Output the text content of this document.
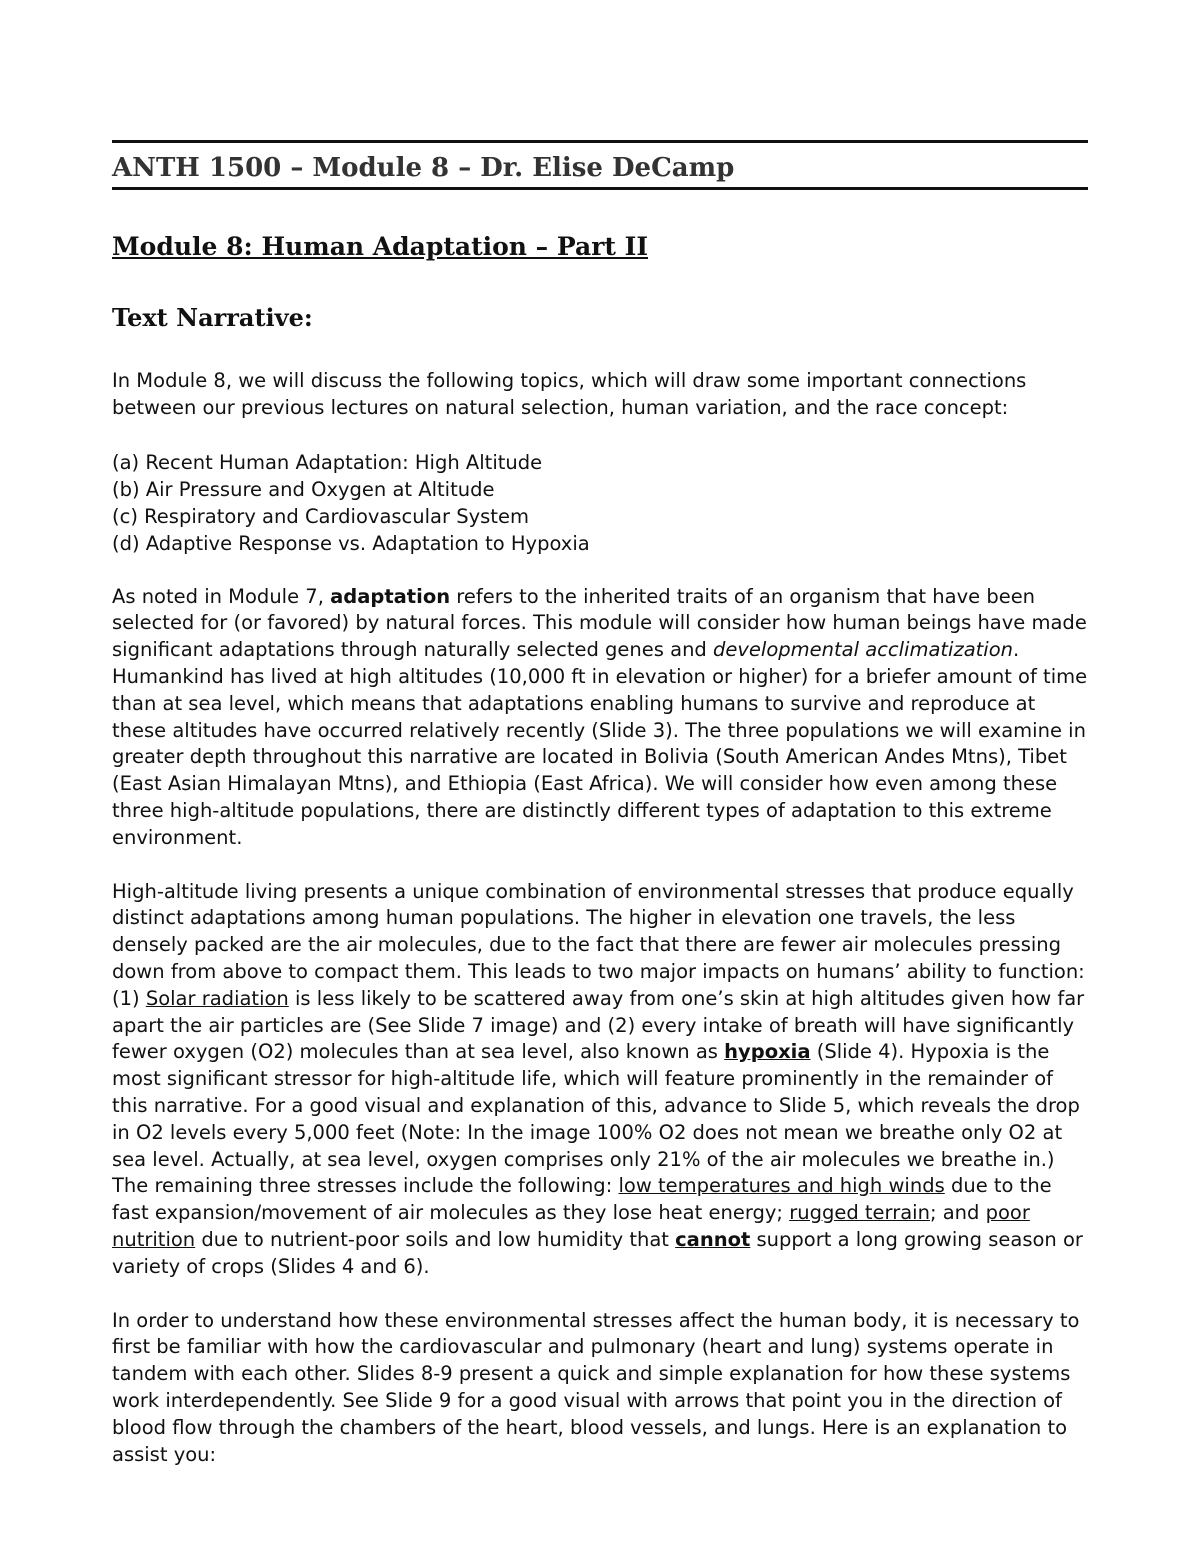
ANTH 1500 – Module 8 – Dr. Elise DeCamp
Module 8: Human Adaptation – Part II
Text Narrative:

In Module 8, we will discuss the following topics, which will draw some important connections between our previous lectures on natural selection, human variation, and the race concept:

(a) Recent Human Adaptation: High Altitude
(b) Air Pressure and Oxygen at Altitude
(c) Respiratory and Cardiovascular System
(d) Adaptive Response vs. Adaptation to Hypoxia

As noted in Module 7, adaptation refers to the inherited traits of an organism that have been selected for (or favored) by natural forces. This module will consider how human beings have made significant adaptations through naturally selected genes and developmental acclimatization. Humankind has lived at high altitudes (10,000 ft in elevation or higher) for a briefer amount of time than at sea level, which means that adaptations enabling humans to survive and reproduce at these altitudes have occurred relatively recently (Slide 3). The three populations we will examine in greater depth throughout this narrative are located in Bolivia (South American Andes Mtns), Tibet (East Asian Himalayan Mtns), and Ethiopia (East Africa). We will consider how even among these three high-altitude populations, there are distinctly different types of adaptation to this extreme environment.

High-altitude living presents a unique combination of environmental stresses that produce equally distinct adaptations among human populations. The higher in elevation one travels, the less densely packed are the air molecules, due to the fact that there are fewer air molecules pressing down from above to compact them. This leads to two major impacts on humans’ ability to function: (1) Solar radiation is less likely to be scattered away from one’s skin at high altitudes given how far apart the air particles are (See Slide 7 image) and (2) every intake of breath will have significantly fewer oxygen (O2) molecules than at sea level, also known as hypoxia (Slide 4). Hypoxia is the most significant stressor for high-altitude life, which will feature prominently in the remainder of this narrative. For a good visual and explanation of this, advance to Slide 5, which reveals the drop in O2 levels every 5,000 feet (Note: In the image 100% O2 does not mean we breathe only O2 at sea level. Actually, at sea level, oxygen comprises only 21% of the air molecules we breathe in.) The remaining three stresses include the following: low temperatures and high winds due to the fast expansion/movement of air molecules as they lose heat energy; rugged terrain; and poor nutrition due to nutrient-poor soils and low humidity that cannot support a long growing season or variety of crops (Slides 4 and 6).

In order to understand how these environmental stresses affect the human body, it is necessary to first be familiar with how the cardiovascular and pulmonary (heart and lung) systems operate in tandem with each other. Slides 8-9 present a quick and simple explanation for how these systems work interdependently. See Slide 9 for a good visual with arrows that point you in the direction of blood flow through the chambers of the heart, blood vessels, and lungs. Here is an explanation to assist you:
